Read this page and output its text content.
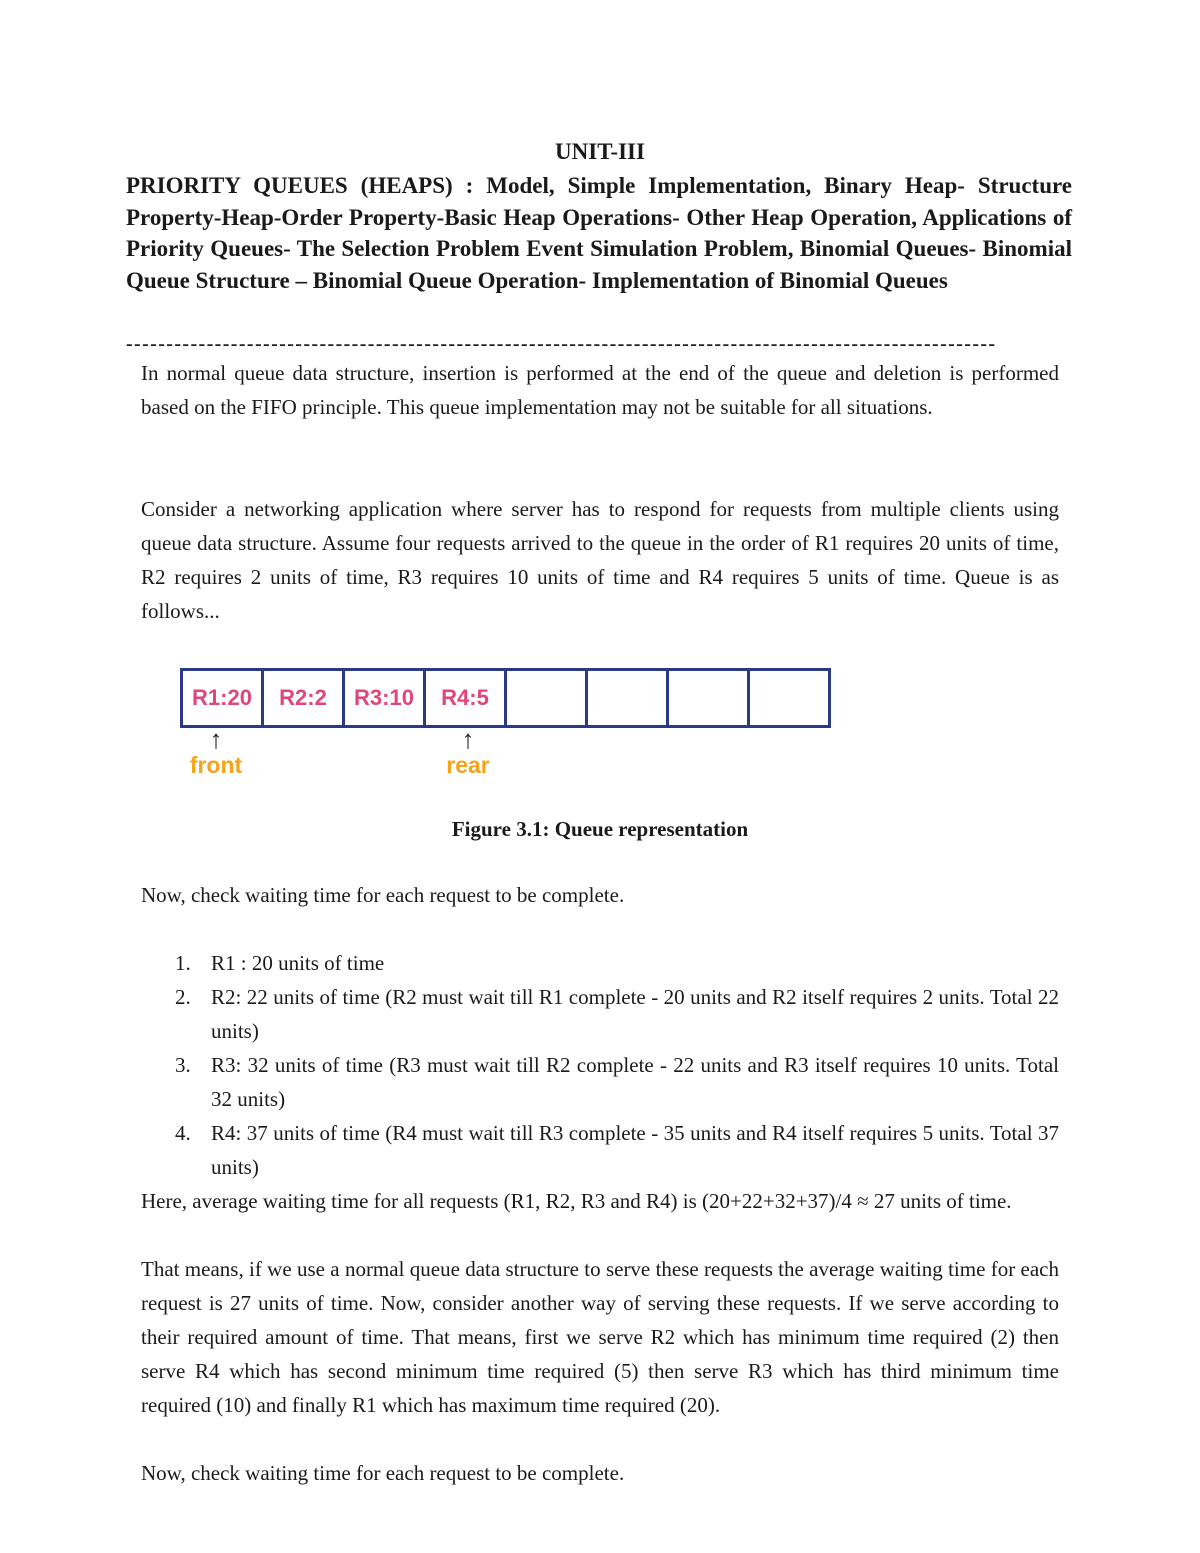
UNIT-III
PRIORITY QUEUES (HEAPS) : Model, Simple Implementation, Binary Heap- Structure Property-Heap-Order Property-Basic Heap Operations- Other Heap Operation, Applications of Priority Queues- The Selection Problem Event Simulation Problem, Binomial Queues- Binomial Queue Structure – Binomial Queue Operation- Implementation of Binomial Queues
------------------------------------------------------------------------------------------------------------

In normal queue data structure, insertion is performed at the end of the queue and deletion is performed based on the FIFO principle. This queue implementation may not be suitable for all situations.

Consider a networking application where server has to respond for requests from multiple clients using queue data structure. Assume four requests arrived to the queue in the order of R1 requires 20 units of time, R2 requires 2 units of time, R3 requires 10 units of time and R4 requires 5 units of time. Queue is as follows...

R1:20	R2:2	R3:10	R4:5
↑
front
↑
rear
Figure 3.1: Queue representation

Now, check waiting time for each request to be complete.

1. R1 : 20 units of time
2. R2: 22 units of time (R2 must wait till R1 complete - 20 units and R2 itself requires 2 units. Total 22 units)
3. R3: 32 units of time (R3 must wait till R2 complete - 22 units and R3 itself requires 10 units. Total 32 units)
4. R4: 37 units of time (R4 must wait till R3 complete - 35 units and R4 itself requires 5 units. Total 37 units)

Here, average waiting time for all requests (R1, R2, R3 and R4) is (20+22+32+37)/4 ≈ 27 units of time.

That means, if we use a normal queue data structure to serve these requests the average waiting time for each request is 27 units of time. Now, consider another way of serving these requests. If we serve according to their required amount of time. That means, first we serve R2 which has minimum time required (2) then serve R4 which has second minimum time required (5) then serve R3 which has third minimum time required (10) and finally R1 which has maximum time required (20).

Now, check waiting time for each request to be complete.
